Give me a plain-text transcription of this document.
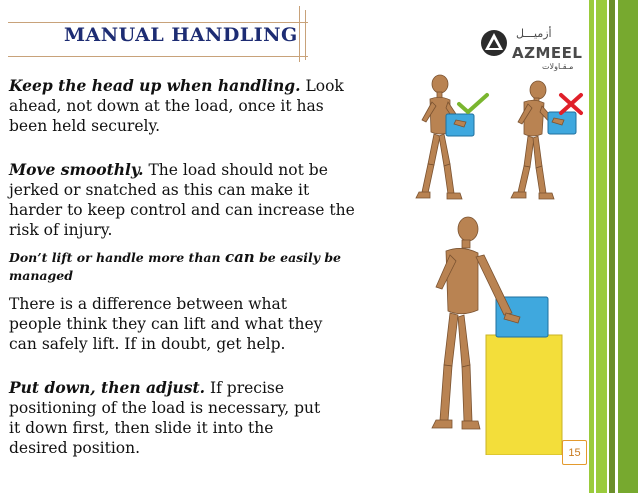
MANUAL HANDLING	أزميـــل
AZMEEL
مـقـاولات
Keep the head up when handling. Look
ahead, not down at the load, once it has
been held securely.
Move smoothly. The load should not be
jerked or snatched as this can make it
harder to keep control and can increase the
risk of injury.
Don’t lift or handle more than can be easily be
managed
There is a difference between what
people think they can lift and what they
can safely lift. If in doubt, get help.
Put down, then adjust. If precise
positioning of the load is necessary, put
it down first, then slide it into the
desired position.	15
